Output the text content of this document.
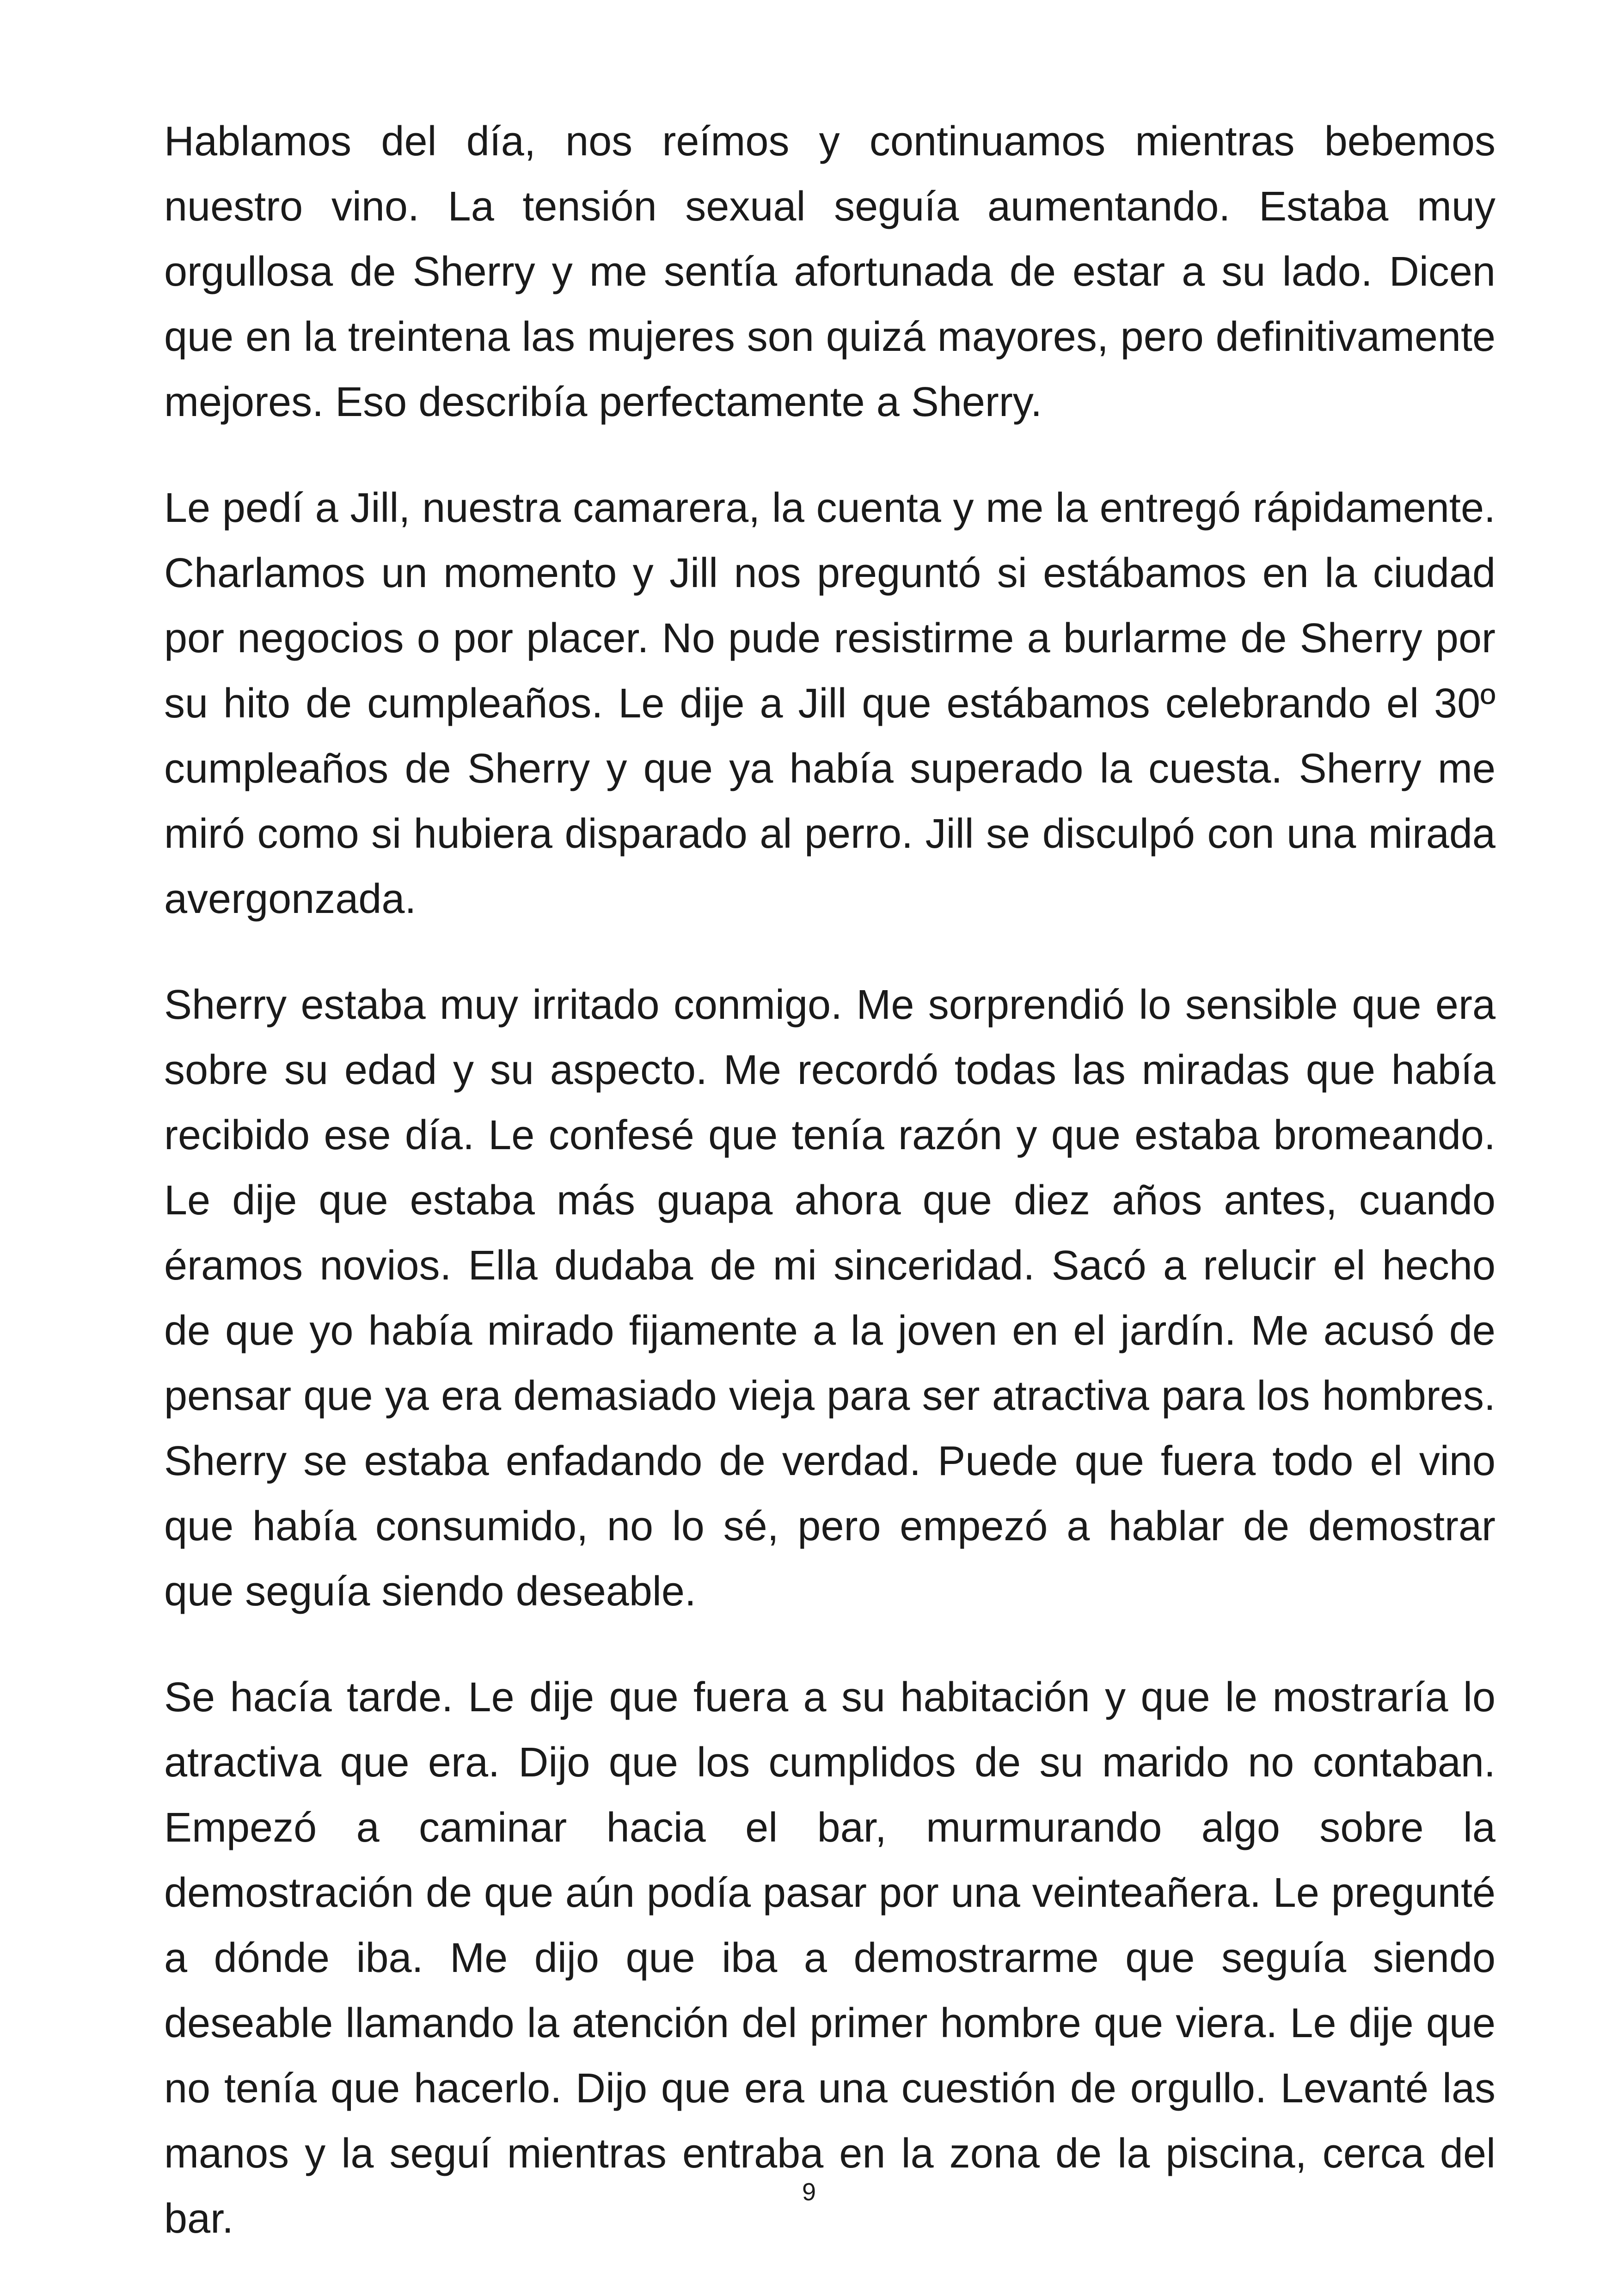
Hablamos del día, nos reímos y continuamos mientras bebemos nuestro vino. La tensión sexual seguía aumentando. Estaba muy orgullosa de Sherry y me sentía afortunada de estar a su lado. Dicen que en la treintena las mujeres son quizá mayores, pero definitivamente mejores. Eso describía perfectamente a Sherry.

Le pedí a Jill, nuestra camarera, la cuenta y me la entregó rápidamente. Charlamos un momento y Jill nos preguntó si estábamos en la ciudad por negocios o por placer. No pude resistirme a burlarme de Sherry por su hito de cumpleaños. Le dije a Jill que estábamos celebrando el 30º cumpleaños de Sherry y que ya había superado la cuesta. Sherry me miró como si hubiera disparado al perro. Jill se disculpó con una mirada avergonzada.

Sherry estaba muy irritado conmigo. Me sorprendió lo sensible que era sobre su edad y su aspecto. Me recordó todas las miradas que había recibido ese día. Le confesé que tenía razón y que estaba bromeando. Le dije que estaba más guapa ahora que diez años antes, cuando éramos novios. Ella dudaba de mi sinceridad. Sacó a relucir el hecho de que yo había mirado fijamente a la joven en el jardín. Me acusó de pensar que ya era demasiado vieja para ser atractiva para los hombres. Sherry se estaba enfadando de verdad. Puede que fuera todo el vino que había consumido, no lo sé, pero empezó a hablar de demostrar que seguía siendo deseable.

Se hacía tarde. Le dije que fuera a su habitación y que le mostraría lo atractiva que era. Dijo que los cumplidos de su marido no contaban. Empezó a caminar hacia el bar, murmurando algo sobre la demostración de que aún podía pasar por una veinteañera. Le pregunté a dónde iba. Me dijo que iba a demostrarme que seguía siendo deseable llamando la atención del primer hombre que viera. Le dije que no tenía que hacerlo. Dijo que era una cuestión de orgullo. Levanté las manos y la seguí mientras entraba en la zona de la piscina, cerca del bar.

9
